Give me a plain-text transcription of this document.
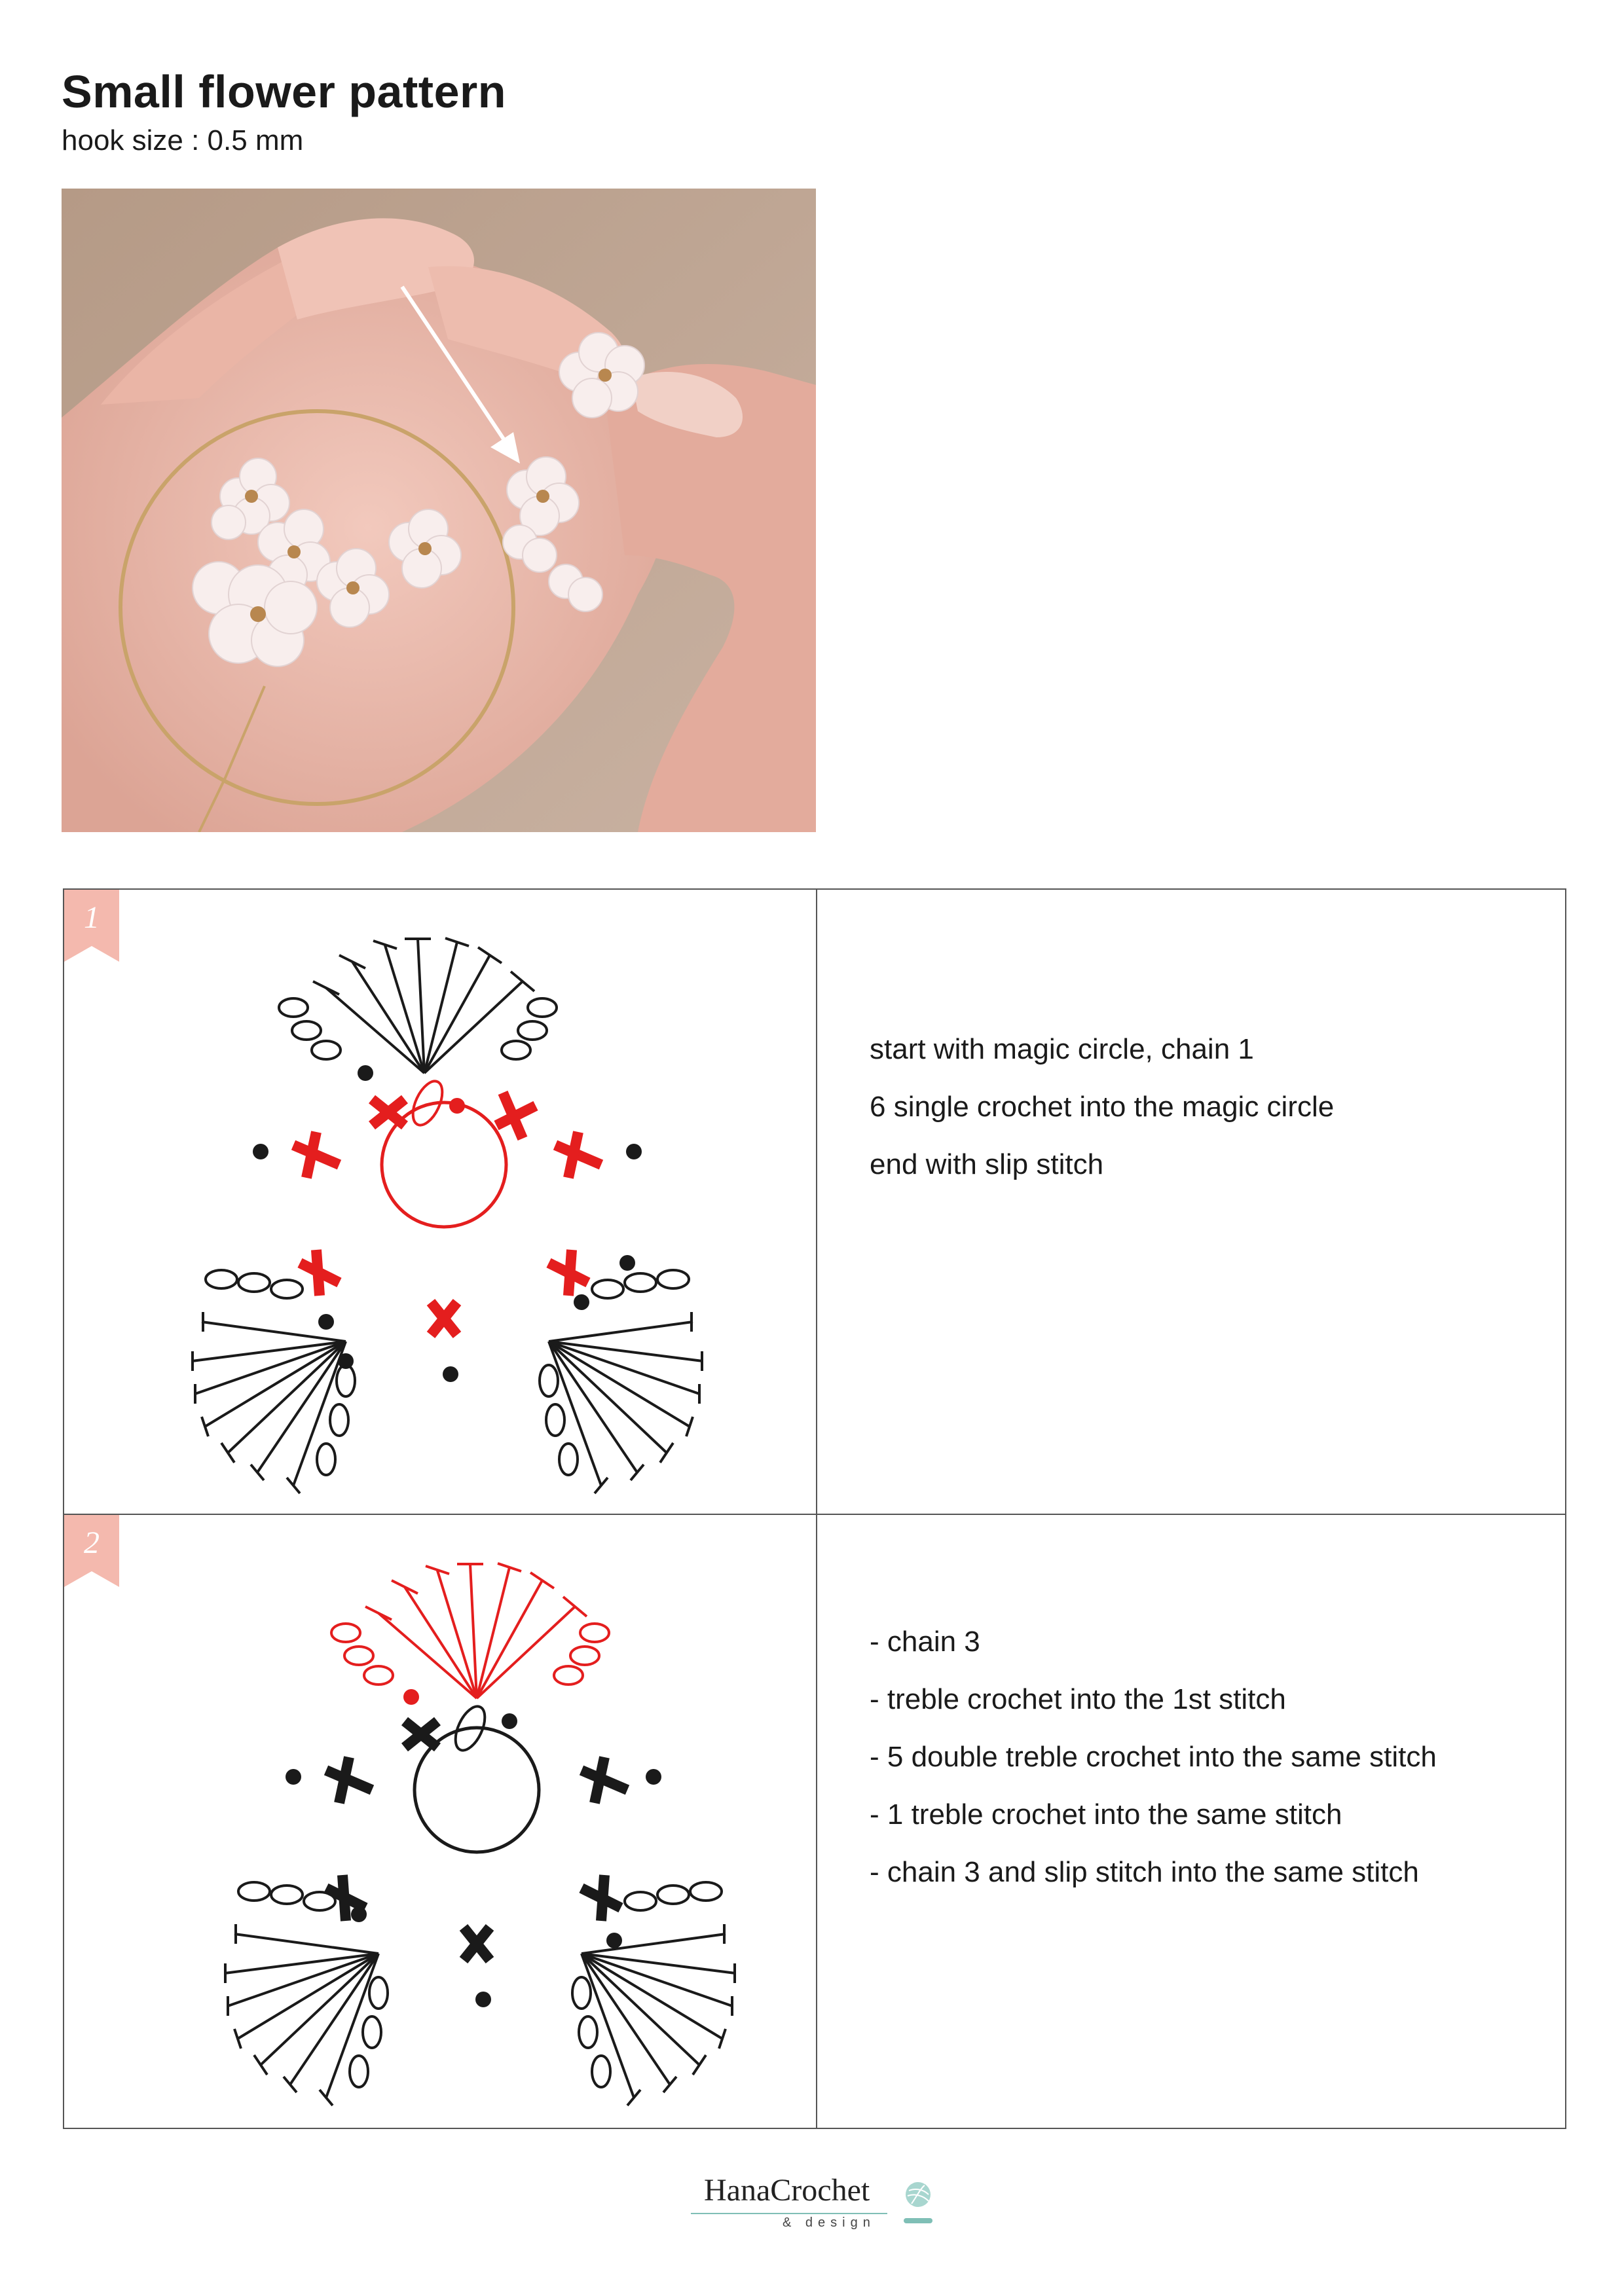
Small flower pattern

hook size : 0.5 mm

1
start with magic circle, chain 1
6 single crochet into the magic circle
end with slip stitch
2
- chain 3
- treble crochet into the 1st stitch
- 5 double treble crochet into the same stitch
- 1 treble crochet into the same stitch
- chain 3 and slip stitch into the same stitch
HanaCrochet
& design
